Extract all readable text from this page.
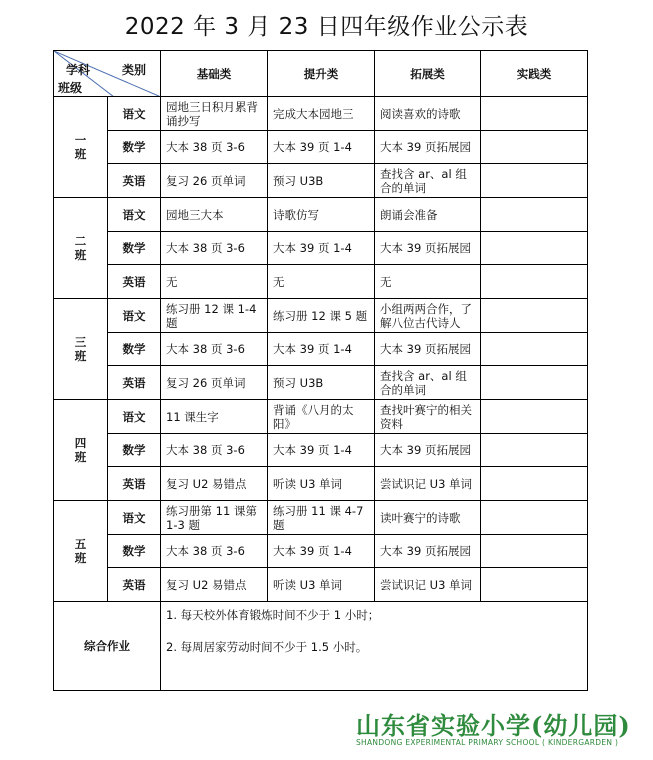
2022 年 3 月 23 日四年级作业公示表
类别
学科
班级		基础类	提升类	拓展类	实践类
一
班	语文	园地三日积月累背诵抄写	完成大本园地三	阅读喜欢的诗歌	
	数学	大本 38 页 3-6	大本 39 页 1-4	大本 39 页拓展园	
	英语	复习 26 页单词	预习 U3B	查找含 ar、al 组合的单词	
二
班	语文	园地三大本	诗歌仿写	朗诵会准备	
	数学	大本 38 页 3-6	大本 39 页 1-4	大本 39 页拓展园	
	英语	无	无	无	
三
班	语文	练习册 12 课 1-4 题	练习册 12 课 5 题	小组两两合作，了解八位古代诗人	
	数学	大本 38 页 3-6	大本 39 页 1-4	大本 39 页拓展园	
	英语	复习 26 页单词	预习 U3B	查找含 ar、al 组合的单词	
四
班	语文	11 课生字	背诵《八月的太阳》	查找叶赛宁的相关资料	
	数学	大本 38 页 3-6	大本 39 页 1-4	大本 39 页拓展园	
	英语	复习 U2 易错点	听读 U3 单词	尝试识记 U3 单词	
五
班	语文	练习册第 11 课第 1-3 题	练习册 11 课 4-7 题	读叶赛宁的诗歌	
	数学	大本 38 页 3-6	大本 39 页 1-4	大本 39 页拓展园	
	英语	复习 U2 易错点	听读 U3 单词	尝试识记 U3 单词	
综合作业		1. 每天校外体育锻炼时间不少于 1 小时；
2. 每周居家劳动时间不少于 1.5 小时。			
山东省实验小学(幼儿园)
SHANDONG EXPERIMENTAL PRIMARY SCHOOL ( KINDERGARDEN )
